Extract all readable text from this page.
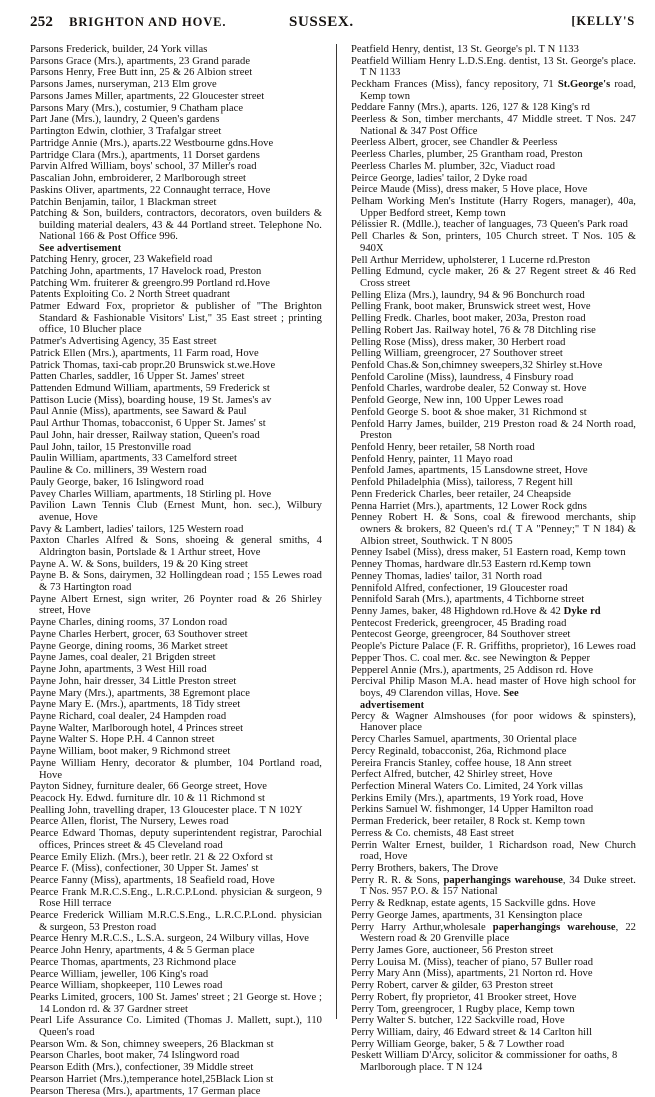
252 BRIGHTON AND HOVE.	SUSSEX.	[KELLY'S

Parsons Frederick, builder, 24 York villas

Parsons Grace (Mrs.), apartments, 23 Grand parade

Parsons Henry, Free Butt inn, 25 & 26 Albion street

Parsons James, nurseryman, 213 Elm grove

Parsons James Miller, apartments, 22 Gloucester street

Parsons Mary (Mrs.), costumier, 9 Chatham place

Part Jane (Mrs.), laundry, 2 Queen's gardens

Partington Edwin, clothier, 3 Trafalgar street

Partridge Annie (Mrs.), aparts.22 Westbourne gdns.Hove

Partridge Clara (Mrs.), apartments, 11 Dorset gardens

Parvin Alfred William, boys' school, 37 Miller's road

Pascalian John, embroiderer, 2 Marlborough street

Paskins Oliver, apartments, 22 Connaught terrace, Hove

Patchin Benjamin, tailor, 1 Blackman street

Patching & Son, builders, contractors, decorators, oven builders & building material dealers, 43 & 44 Portland street. Telephone No. National 166 & Post Office 996.

See advertisement

Patching Henry, grocer, 23 Wakefield road

Patching John, apartments, 17 Havelock road, Preston

Patching Wm. fruiterer & greengro.99 Portland rd.Hove

Patents Exploiting Co. 2 North Street quadrant

Patmer Edward Fox, proprietor & publisher of "The Brighton Standard & Fashionable Visitors' List," 35 East street ; printing office, 10 Blucher place

Patmer's Advertising Agency, 35 East street

Patrick Ellen (Mrs.), apartments, 11 Farm road, Hove

Patrick Thomas, taxi-cab propr.20 Brunswick st.we.Hove

Patten Charles, saddler, 16 Upper St. James' street

Pattenden Edmund William, apartments, 59 Frederick st

Pattison Lucie (Miss), boarding house, 19 St. James's av

Paul Annie (Miss), apartments, see Saward & Paul

Paul Arthur Thomas, tobacconist, 6 Upper St. James' st

Paul John, hair dresser, Railway station, Queen's road

Paul John, tailor, 15 Prestonville road

Paulin William, apartments, 33 Camelford street

Pauline & Co. milliners, 39 Western road

Pauly George, baker, 16 Islingword road

Pavey Charles William, apartments, 18 Stirling pl. Hove

Pavilion Lawn Tennis Club (Ernest Munt, hon. sec.), Wilbury avenue, Hove

Pavy & Lambert, ladies' tailors, 125 Western road

Paxton Charles Alfred & Sons, shoeing & general smiths, 4 Aldrington basin, Portslade & 1 Arthur street, Hove

Payne A. W. & Sons, builders, 19 & 20 King street

Payne B. & Sons, dairymen, 32 Hollingdean road ; 155 Lewes road & 73 Hartington road

Payne Albert Ernest, sign writer, 26 Poynter road & 26 Shirley street, Hove

Payne Charles, dining rooms, 37 London road

Payne Charles Herbert, grocer, 63 Southover street

Payne George, dining rooms, 36 Market street

Payne James, coal dealer, 21 Brigden street

Payne John, apartments, 3 West Hill road

Payne John, hair dresser, 34 Little Preston street

Payne Mary (Mrs.), apartments, 38 Egremont place

Payne Mary E. (Mrs.), apartments, 18 Tidy street

Payne Richard, coal dealer, 24 Hampden road

Payne Walter, Marlborough hotel, 4 Princes street

Payne Walter S. Hope P.H. 4 Cannon street

Payne William, boot maker, 9 Richmond street

Payne William Henry, decorator & plumber, 104 Portland road, Hove

Payton Sidney, furniture dealer, 66 George street, Hove

Peacock Hy. Edwd. furniture dlr. 10 & 11 Richmond st

Pealling John, travelling draper, 13 Gloucester place. T N 102Y

Pearce Allen, florist, The Nursery, Lewes road

Pearce Edward Thomas, deputy superintendent registrar, Parochial offices, Princes street & 45 Cleveland road

Pearce Emily Elizh. (Mrs.), beer retlr. 21 & 22 Oxford st

Pearce F. (Miss), confectioner, 30 Upper St. James' st

Pearce Fanny (Miss), apartments, 18 Seafield road, Hove

Pearce Frank M.R.C.S.Eng., L.R.C.P.Lond. physician & surgeon, 9 Rose Hill terrace

Pearce Frederick William M.R.C.S.Eng., L.R.C.P.Lond. physician & surgeon, 53 Preston road

Pearce Henry M.R.C.S., L.S.A. surgeon, 24 Wilbury villas, Hove

Pearce John Henry, apartments, 4 & 5 German place

Pearce Thomas, apartments, 23 Richmond place

Pearce William, jeweller, 106 King's road

Pearce William, shopkeeper, 110 Lewes road

Pearks Limited, grocers, 100 St. James' street ; 21 George st. Hove ; 14 London rd. & 37 Gardner street

Pearl Life Assurance Co. Limited (Thomas J. Mallett, supt.), 110 Queen's road

Pearson Wm. & Son, chimney sweepers, 26 Blackman st

Pearson Charles, boot maker, 74 Islingword road

Pearson Edith (Mrs.), confectioner, 39 Middle street

Pearson Harriet (Mrs.),temperance hotel,25Black Lion st

Pearson Theresa (Mrs.), apartments, 17 German place

Peatfield Henry, dentist, 13 St. George's pl. T N 1133

Peatfield William Henry L.D.S.Eng. dentist, 13 St. George's place. T N 1133

Peckham Frances (Miss), fancy repository, 71 St.George's road, Kemp town

Peddare Fanny (Mrs.), aparts. 126, 127 & 128 King's rd

Peerless & Son, timber merchants, 47 Middle street. T Nos. 247 National & 347 Post Office

Peerless Albert, grocer, see Chandler & Peerless

Peerless Charles, plumber, 25 Grantham road, Preston

Peerless Charles M. plumber, 32c, Viaduct road

Peirce George, ladies' tailor, 2 Dyke road

Peirce Maude (Miss), dress maker, 5 Hove place, Hove

Pelham Working Men's Institute (Harry Rogers, manager), 40a, Upper Bedford street, Kemp town

Pélissier R. (Mdlle.), teacher of languages, 73 Queen's Park road

Pell Charles & Son, printers, 105 Church street. T Nos. 105 & 940X

Pell Arthur Merridew, upholsterer, 1 Lucerne rd.Preston

Pelling Edmund, cycle maker, 26 & 27 Regent street & 46 Red Cross street

Pelling Eliza (Mrs.), laundry, 94 & 96 Bonchurch road

Pelling Frank, boot maker, Brunswick street west, Hove

Pelling Fredk. Charles, boot maker, 203a, Preston road

Pelling Robert Jas. Railway hotel, 76 & 78 Ditchling rise

Pelling Rose (Miss), dress maker, 30 Herbert road

Pelling William, greengrocer, 27 Southover street

Penfold Chas.& Son,chimney sweepers,32 Shirley st.Hove

Penfold Caroline (Miss), laundress, 4 Finsbury road

Penfold Charles, wardrobe dealer, 52 Conway st. Hove

Penfold George, New inn, 100 Upper Lewes road

Penfold George S. boot & shoe maker, 31 Richmond st

Penfold Harry James, builder, 219 Preston road & 24 North road, Preston

Penfold Henry, beer retailer, 58 North road

Penfold Henry, painter, 11 Mayo road

Penfold James, apartments, 15 Lansdowne street, Hove

Penfold Philadelphia (Miss), tailoress, 7 Regent hill

Penn Frederick Charles, beer retailer, 24 Cheapside

Penna Harriet (Mrs.), apartments, 12 Lower Rock gdns

Penney Robert H. & Sons, coal & firewood merchants, ship owners & brokers, 82 Queen's rd.( T A "Penney;" T N 184) & Albion street, Southwick. T N 8005

Penney Isabel (Miss), dress maker, 51 Eastern road, Kemp town

Penney Thomas, hardware dlr.53 Eastern rd.Kemp town

Penney Thomas, ladies' tailor, 31 North road

Pennifold Alfred, confectioner, 19 Gloucester road

Pennifold Sarah (Mrs.), apartments, 4 Tichborne street

Penny James, baker, 48 Highdown rd.Hove & 42 Dyke rd

Pentecost Frederick, greengrocer, 45 Brading road

Pentecost George, greengrocer, 84 Southover street

People's Picture Palace (F. R. Griffiths, proprietor), 16 Lewes road

Pepper Thos. C. coal mer. &c. see Newington & Pepper

Pepperel Annie (Mrs.), apartments, 25 Addison rd. Hove

Percival Philip Mason M.A. head master of Hove high school for boys, 49 Clarendon villas, Hove. See

advertisement

Percy & Wagner Almshouses (for poor widows & spinsters), Hanover place

Percy Charles Samuel, apartments, 30 Oriental place

Percy Reginald, tobacconist, 26a, Richmond place

Pereira Francis Stanley, coffee house, 18 Ann street

Perfect Alfred, butcher, 42 Shirley street, Hove

Perfection Mineral Waters Co. Limited, 24 York villas

Perkins Emily (Mrs.), apartments, 19 York road, Hove

Perkins Samuel W. fishmonger, 14 Upper Hamilton road

Perman Frederick, beer retailer, 8 Rock st. Kemp town

Perress & Co. chemists, 48 East street

Perrin Walter Ernest, builder, 1 Richardson road, New Church road, Hove

Perry Brothers, bakers, The Drove

Perry R. R. & Sons, paperhangings warehouse, 34 Duke street. T Nos. 957 P.O. & 157 National

Perry & Redknap, estate agents, 15 Sackville gdns. Hove

Perry George James, apartments, 31 Kensington place

Perry Harry Arthur,wholesale paperhangings warehouse, 22 Western road & 20 Grenville place

Perry James Gore, auctioneer, 56 Preston street

Perry Louisa M. (Miss), teacher of piano, 57 Buller road

Perry Mary Ann (Miss), apartments, 21 Norton rd. Hove

Perry Robert, carver & gilder, 63 Preston street

Perry Robert, fly proprietor, 41 Brooker street, Hove

Perry Tom, greengrocer, 1 Rugby place, Kemp town

Perry Walter S. butcher, 122 Sackville road, Hove

Perry William, dairy, 46 Edward street & 14 Carlton hill

Perry William George, baker, 5 & 7 Lowther road

Peskett William D'Arcy, solicitor & commissioner for oaths, 8 Marlborough place. T N 124
